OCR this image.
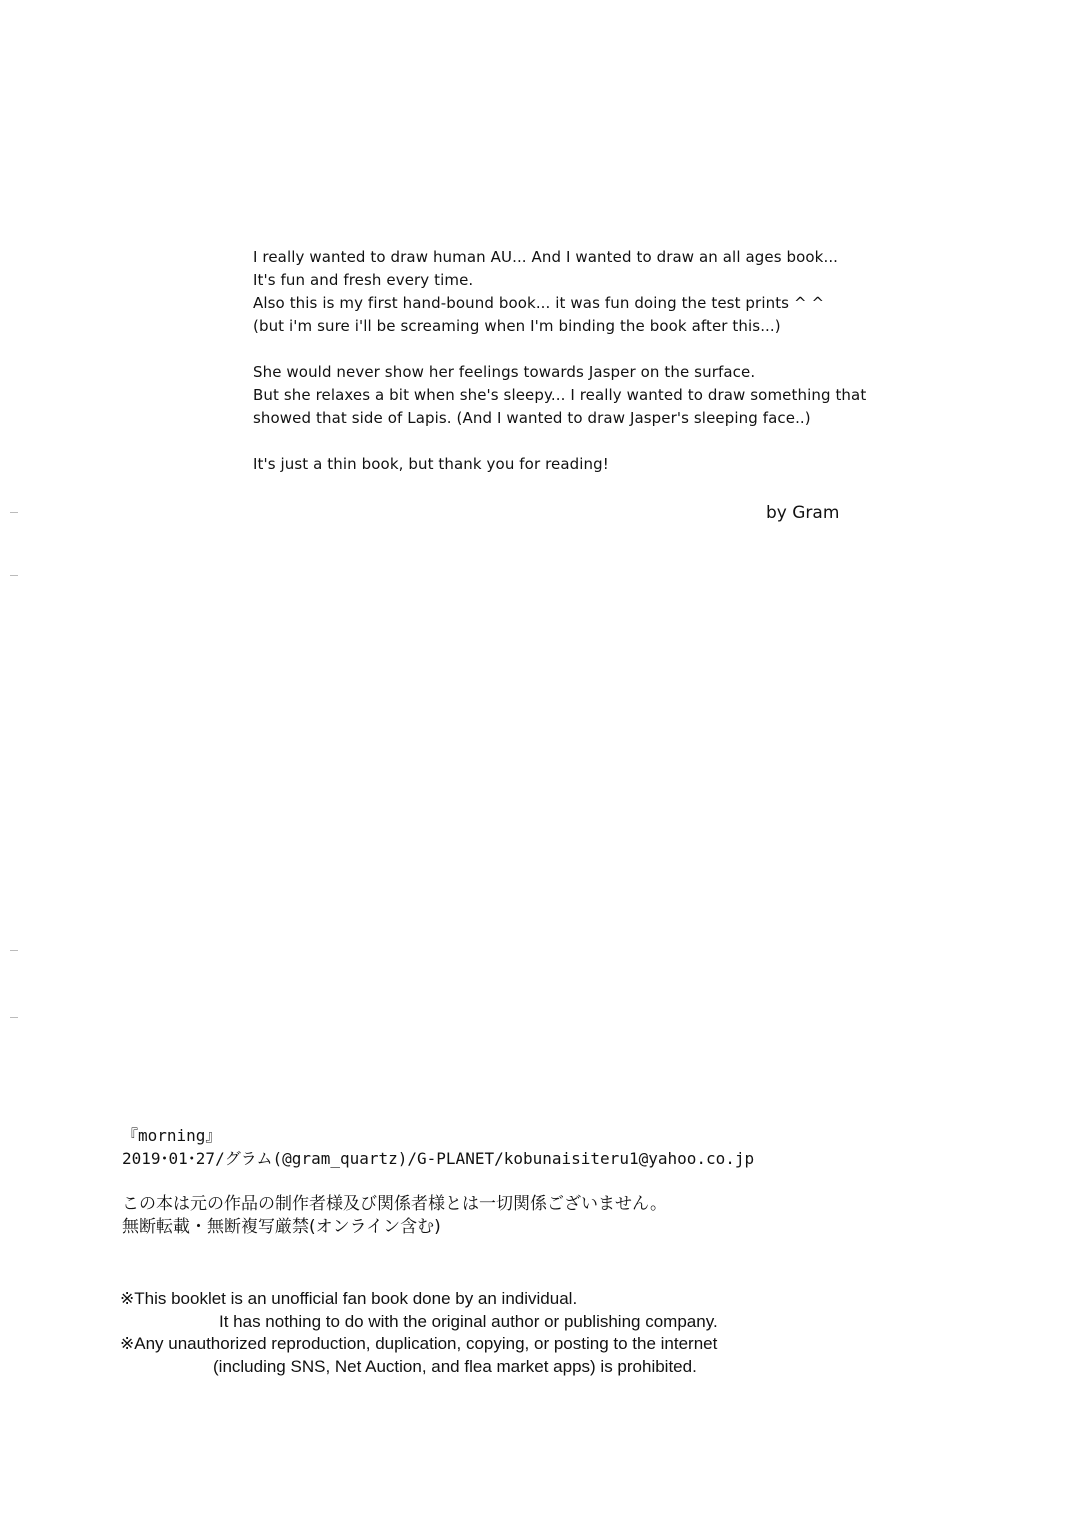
I really wanted to draw human AU... And I wanted to draw an all ages book...
It's fun and fresh every time.
Also this is my first hand-bound book... it was fun doing the test prints ^ ^
(but i'm sure i'll be screaming when I'm binding the book after this...)
She would never show her feelings towards Jasper on the surface.
But she relaxes a bit when she's sleepy... I really wanted to draw something that
showed that side of Lapis. (And I wanted to draw Jasper's sleeping face..)
It's just a thin book, but thank you for reading!
by Gram
『morning』
2019･01･27/グラム(@gram_quartz)/G-PLANET/kobunaisiteru1@yahoo.co.jp
この本は元の作品の制作者様及び関係者様とは一切関係ございません。
無断転載・無断複写厳禁(オンライン含む)
※This booklet is an unofficial fan book done by an individual.
It has nothing to do with the original author or publishing company.
※Any unauthorized reproduction, duplication, copying, or posting to the internet
(including SNS, Net Auction, and flea market apps) is prohibited.
